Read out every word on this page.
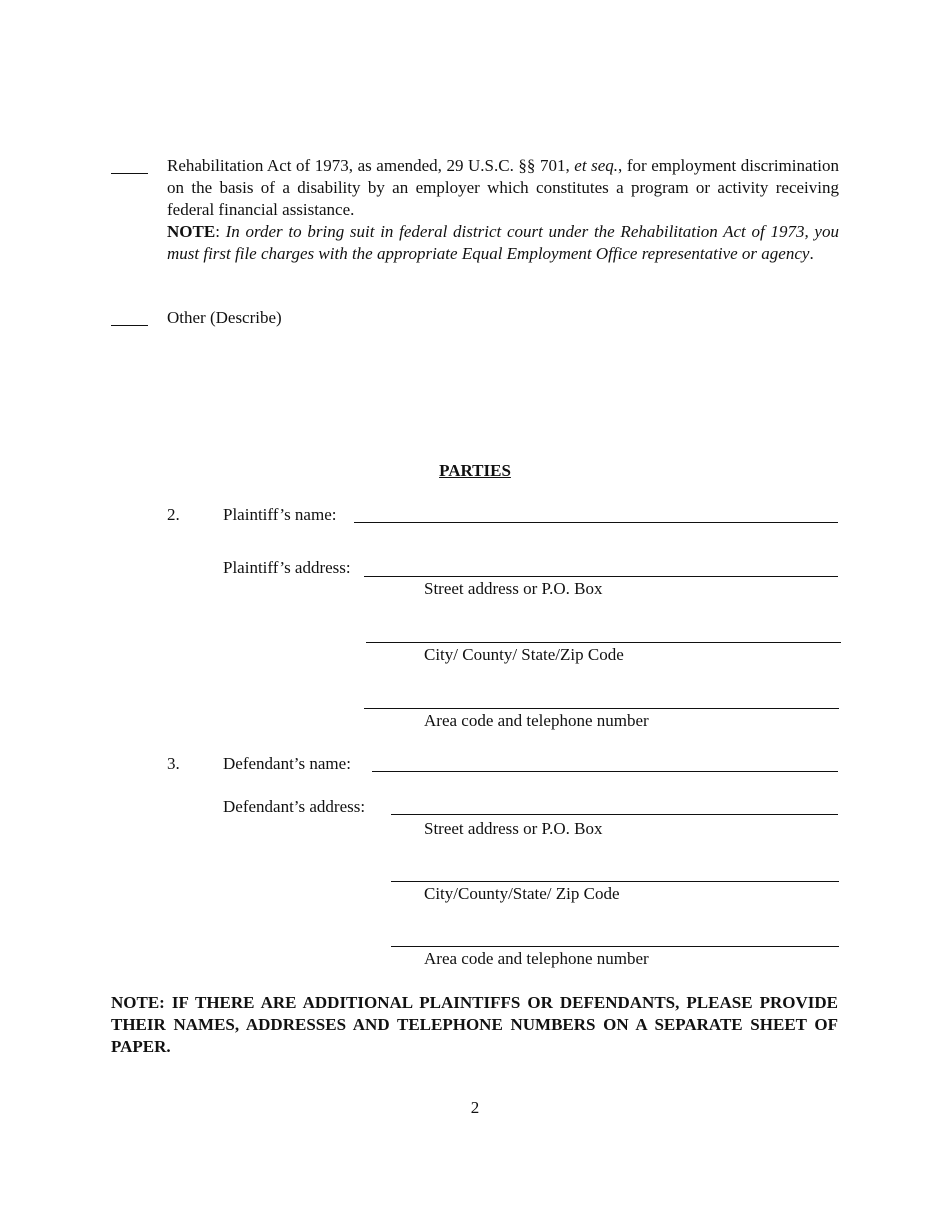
Rehabilitation Act of 1973, as amended, 29 U.S.C. §§ 701, et seq., for employment discrimination on the basis of a disability by an employer which constitutes a program or activity receiving federal financial assistance.
NOTE: In order to bring suit in federal district court under the Rehabilitation Act of 1973, you must first file charges with the appropriate Equal Employment Office representative or agency.
Other (Describe)
PARTIES
2.	Plaintiff’s name:
Plaintiff’s address:
Street address or P.O. Box
City/ County/ State/Zip Code
Area code and telephone number
3.	Defendant’s name:
Defendant’s address:
Street address or P.O. Box
City/County/State/ Zip Code
Area code and telephone number
NOTE: IF THERE ARE ADDITIONAL PLAINTIFFS OR DEFENDANTS, PLEASE PROVIDE THEIR NAMES, ADDRESSES AND TELEPHONE NUMBERS ON A SEPARATE SHEET OF PAPER.
2
